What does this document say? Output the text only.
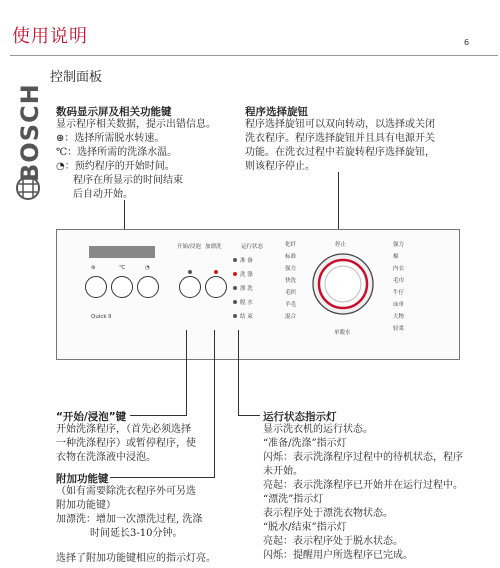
使用说明	6
BOSCH
控制面板
数码显示屏及相关功能键
显示程序相关数据，提示出错信息。
⊛：选择所需脱水转速。
℃：选择所需的洗涤水温。
◔：预约程序的开始时间。
程序在所显示的时间结束
后自动开始。
程序选择旋钮
程序选择旋钮可以双向转动，以选择或关闭
洗衣程序。程序选择旋钮并且具有电源开关
功能。在洗衣过程中若旋转程序选择旋钮，
则该程序停止。
⊛	℃	◔
开始/浸泡 加漂洗	运行状态
准 备
洗 涤
漂 洗
脱 水
结 束
化纤
标准
强力
快洗
毛织
羊毛
混合
停止
单脱水
强力
棉
内衣
毛巾
牛仔
床单
大物
轻柔
Quick II
“开始/浸泡”键
开始洗涤程序，（首先必须选择
一种洗涤程序）或暂停程序，使
衣物在洗涤液中浸泡。
附加功能键
（如有需要除洗衣程序外可另选
附加功能键）
加漂洗：增加一次漂洗过程, 洗涤
时间延长3-10分钟。
选择了附加功能键相应的指示灯亮。
运行状态指示灯
显示洗衣机的运行状态。
“准备/洗涤”指示灯
闪烁：表示洗涤程序过程中的待机状态，程序
未开始。
亮起：表示洗涤程序已开始并在运行过程中。
“漂洗”指示灯
表示程序处于漂洗衣物状态。
“脱水/结束”指示灯
亮起：表示程序处于脱水状态。
闪烁：提醒用户所选程序已完成。
